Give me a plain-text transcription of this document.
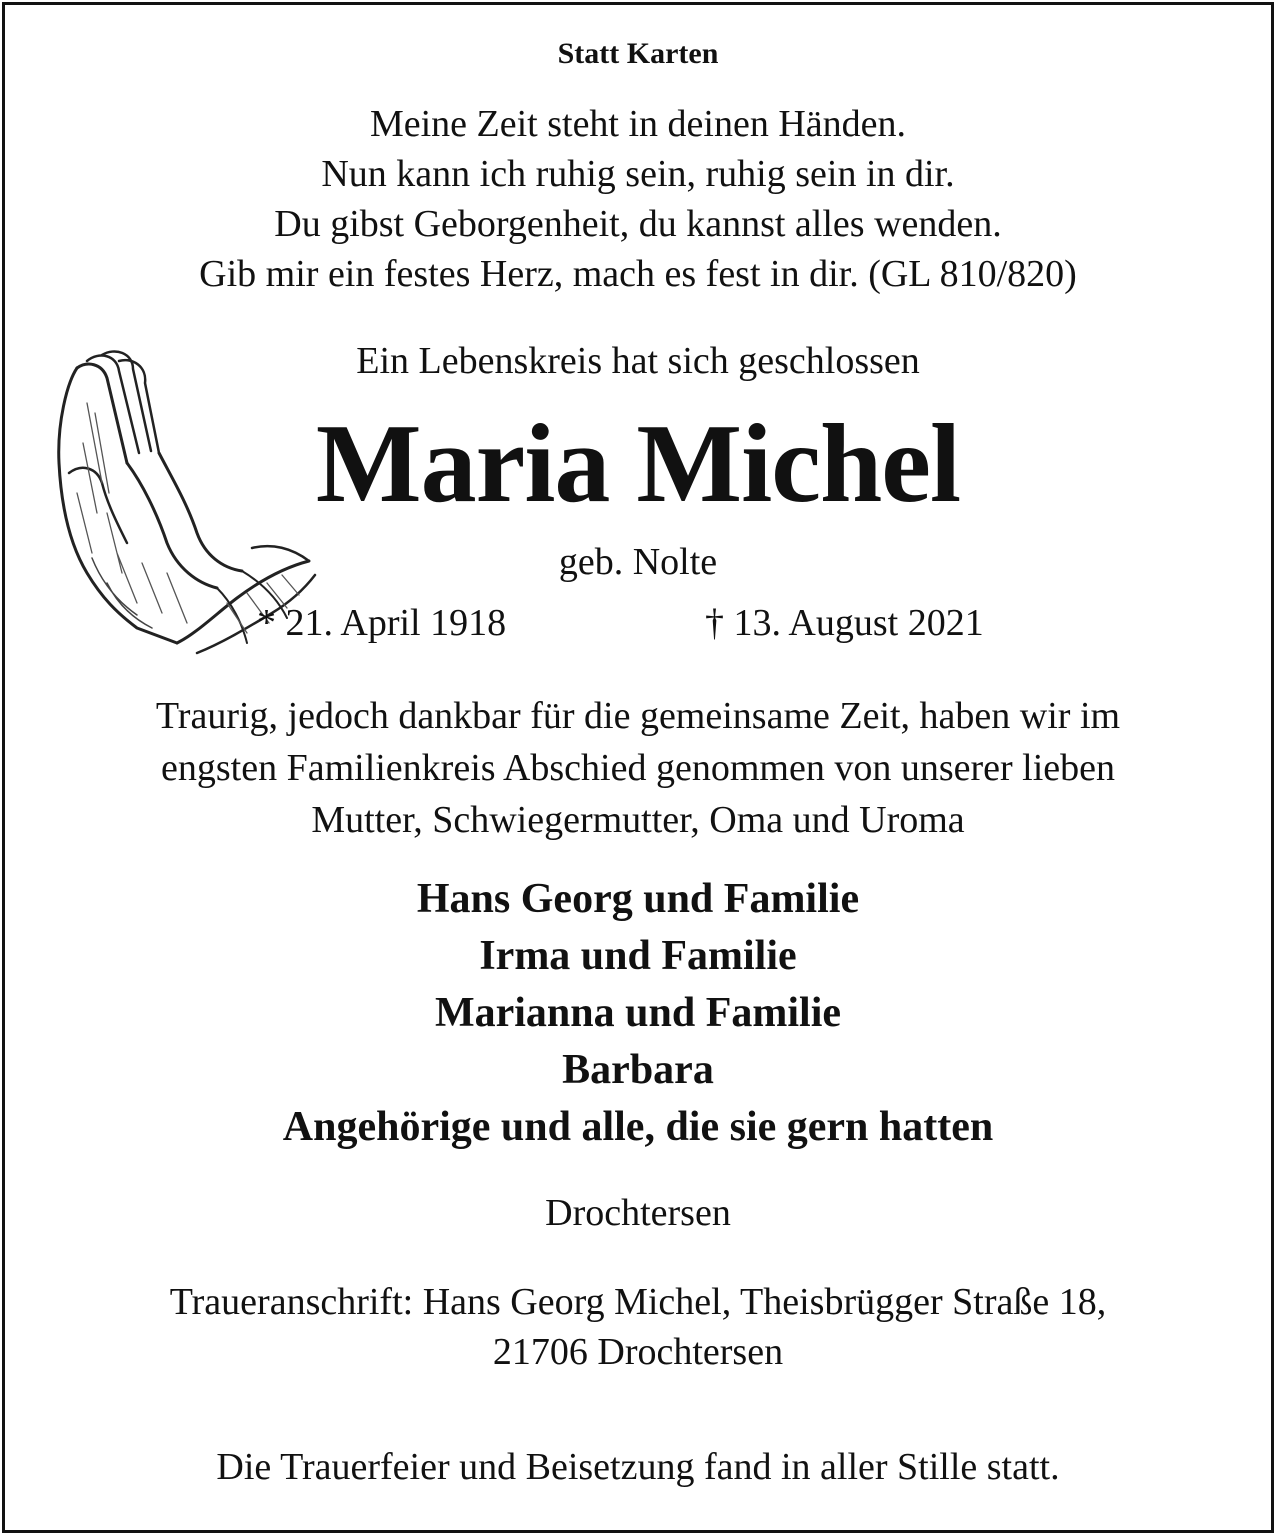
Statt Karten
Meine Zeit steht in deinen Händen.
Nun kann ich ruhig sein, ruhig sein in dir.
Du gibst Geborgenheit, du kannst alles wenden.
Gib mir ein festes Herz, mach es fest in dir. (GL 810/820)
Ein Lebenskreis hat sich geschlossen
Maria Michel
geb. Nolte
* 21. April 1918	† 13. August 2021
Traurig, jedoch dankbar für die gemeinsame Zeit, haben wir im
engsten Familienkreis Abschied genommen von unserer lieben
Mutter, Schwiegermutter, Oma und Uroma
Hans Georg und Familie
Irma und Familie
Marianna und Familie
Barbara
Angehörige und alle, die sie gern hatten
Drochtersen
Traueranschrift: Hans Georg Michel, Theisbrügger Straße 18,
21706 Drochtersen
Die Trauerfeier und Beisetzung fand in aller Stille statt.
